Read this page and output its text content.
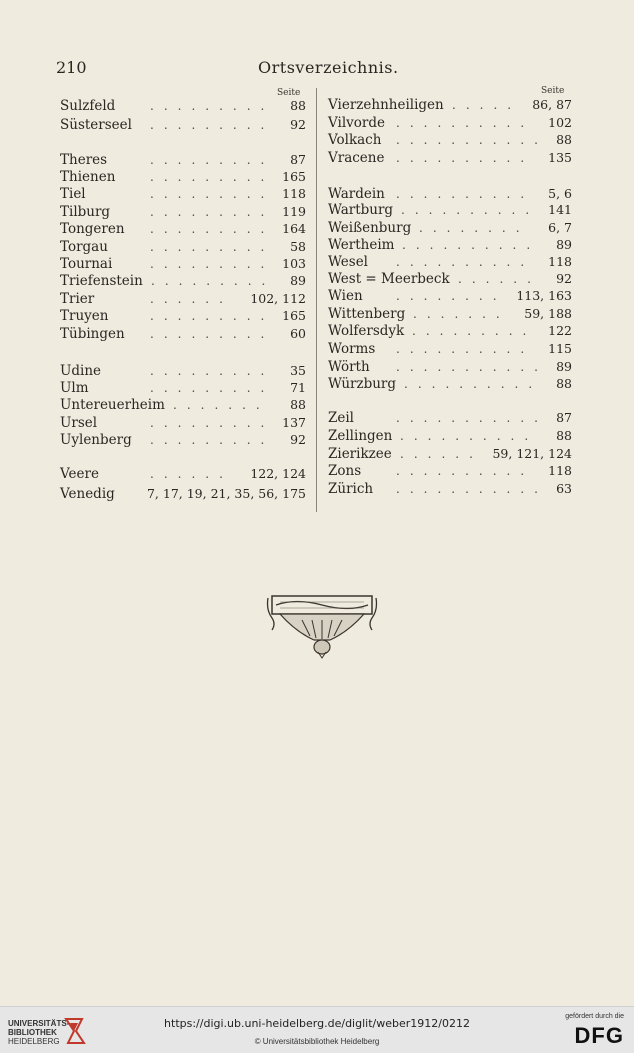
210	Ortsverzeichnis.
Seite	Seite
Sulzfeld	......... 88
Süsterseel ......... 92
Theres	......... 87
Thienen	......... 165
Tiel	......... 118
Tilburg	......... 119
Tongeren ......... 164
Torgau	......... 58
Tournai	......... 103
Triefenstein ......... 89
Trier	...... 102, 112
Truyen	......... 165
Tübingen ......... 60
Udine	......... 35
Ulm	......... 71
Untereuerheim ....... 88
Ursel	......... 137
Uylenberg ......... 92
Veere	...... 122, 124
Venedig	7, 17, 19, 21, 35, 56, 175
Vierzehnheiligen ..... 86, 87
Vilvorde .......... 102
Volkach ........... 88
Vracene .......... 135
Wardein .......... 5, 6
Wartburg .......... 141
Weißenburg ........ 6, 7
Wertheim .......... 89
Wesel .......... 118
West = Meerbeck ...... 92
Wien	........ 113, 163
Wittenberg ....... 59, 188
Wolfersdyk ......... 122
Worms .......... 115
Wörth ........... 89
Würzburg .......... 88
Zeil	........... 87
Zellingen .......... 88
Zierikzee ...... 59, 121, 124
Zons	.......... 118
Zürich ........... 63
UNIVERSITÄTS-
BIBLIOTHEK
HEIDELBERG
https://digi.ub.uni-heidelberg.de/diglit/weber1912/0212
© Universitätsbibliothek Heidelberg
gefördert durch die
DFG
